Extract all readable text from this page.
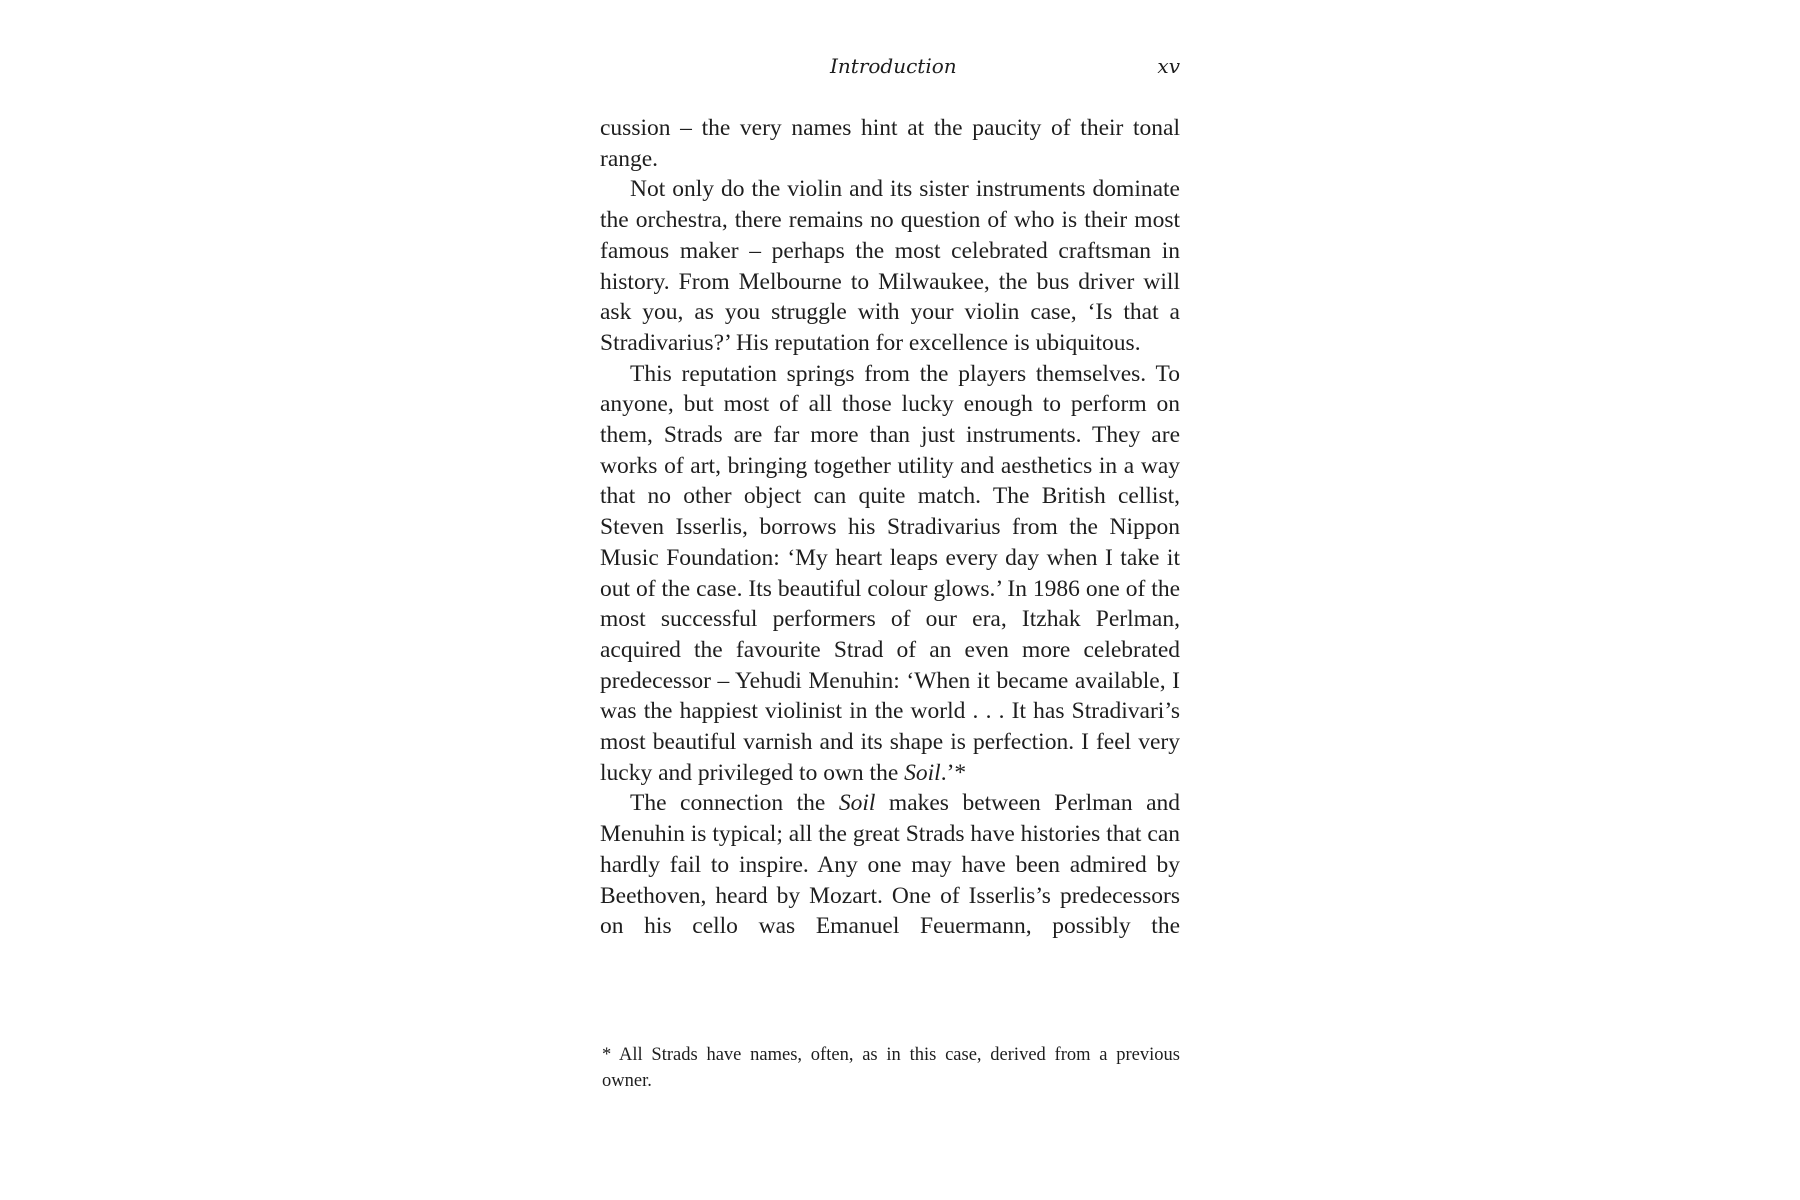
Introduction	xv

cussion – the very names hint at the paucity of their tonal range.

Not only do the violin and its sister instruments dominate the orchestra, there remains no question of who is their most famous maker – perhaps the most celebrated craftsman in history. From Melbourne to Milwaukee, the bus driver will ask you, as you struggle with your violin case, ‘Is that a Stradivarius?’ His reputation for excellence is ubiquitous.

This reputation springs from the players themselves. To anyone, but most of all those lucky enough to perform on them, Strads are far more than just instruments. They are works of art, bringing together utility and aesthetics in a way that no other object can quite match. The British cellist, Steven Isserlis, borrows his Stradivarius from the Nippon Music Foundation: ‘My heart leaps every day when I take it out of the case. Its beautiful colour glows.’ In 1986 one of the most successful performers of our era, Itzhak Perlman, acquired the favourite Strad of an even more celebrated predecessor – Yehudi Menuhin: ‘When it became available, I was the happiest violinist in the world . . . It has Stradivari’s most beautiful varnish and its shape is perfection. I feel very lucky and privileged to own the Soil.’*

The connection the Soil makes between Perlman and Menuhin is typical; all the great Strads have histories that can hardly fail to inspire. Any one may have been admired by Beethoven, heard by Mozart. One of Isserlis’s predecessors on his cello was Emanuel Feuermann, possibly the

* All Strads have names, often, as in this case, derived from a previous owner.
